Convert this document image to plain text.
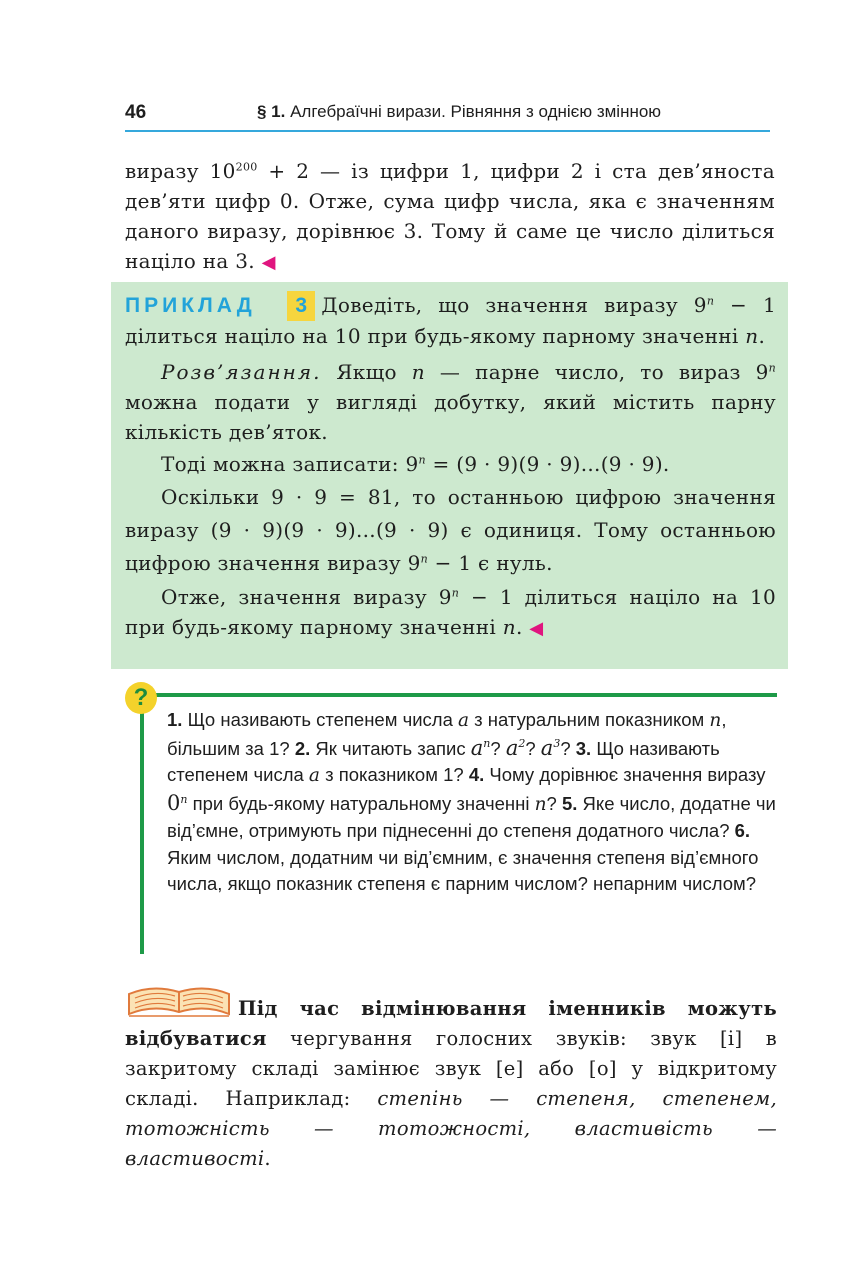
46	§ 1. Алгебраїчні вирази. Рівняння з однією змінною
виразу $10^{200} + 2$ — із цифри 1, цифри 2 і ста дев’яноста дев’яти цифр 0. Отже, сума цифр числа, яка є значенням даного виразу, дорівнює 3. Тому й саме це число ділиться націло на 3. ◀

ПРИКЛАД 3 Доведіть, що значення виразу $9^n - 1$ ділиться націло на 10 при будь-якому парному значенні n.

Розв’язання. Якщо n — парне число, то вираз 9$^n$ можна подати у вигляді добутку, який містить парну кількість дев’яток.

Тоді можна записати: $9^n = (9 \cdot 9)(9 \cdot 9)...(9 \cdot 9)$.

Оскільки 9 · 9 = 81, то останньою цифрою значення виразу (9 · 9)(9 · 9)...(9 · 9) є одиниця. Тому останньою цифрою значення виразу $9^n - 1$ є нуль.

Отже, значення виразу $9^n - 1$ ділиться націло на 10 при будь-якому парному значенні n. ◀

?
1. Що називають степенем числа a з натуральним показником n, більшим за 1? 2. Як читають запис $a^n$? $a^2$? $a^3$? 3. Що називають степенем числа a з показником 1? 4. Чому дорівнює значення виразу 0$^n$ при будь-якому натуральному значенні n? 5. Яке число, додатне чи від’ємне, отримують при піднесенні до степеня додатного числа? 6. Яким числом, додатним чи від’ємним, є значення степеня від’ємного числа, якщо показник степеня є парним числом? непарним числом?

Під час відмінювання іменників можуть відбуватися чергування голосних звуків: звук [і] в закритому складі замінює звук [е] або [о] у відкритому складі. Наприклад: степінь — степеня, степенем, тотожність — тотожності, властивість — властивості.
